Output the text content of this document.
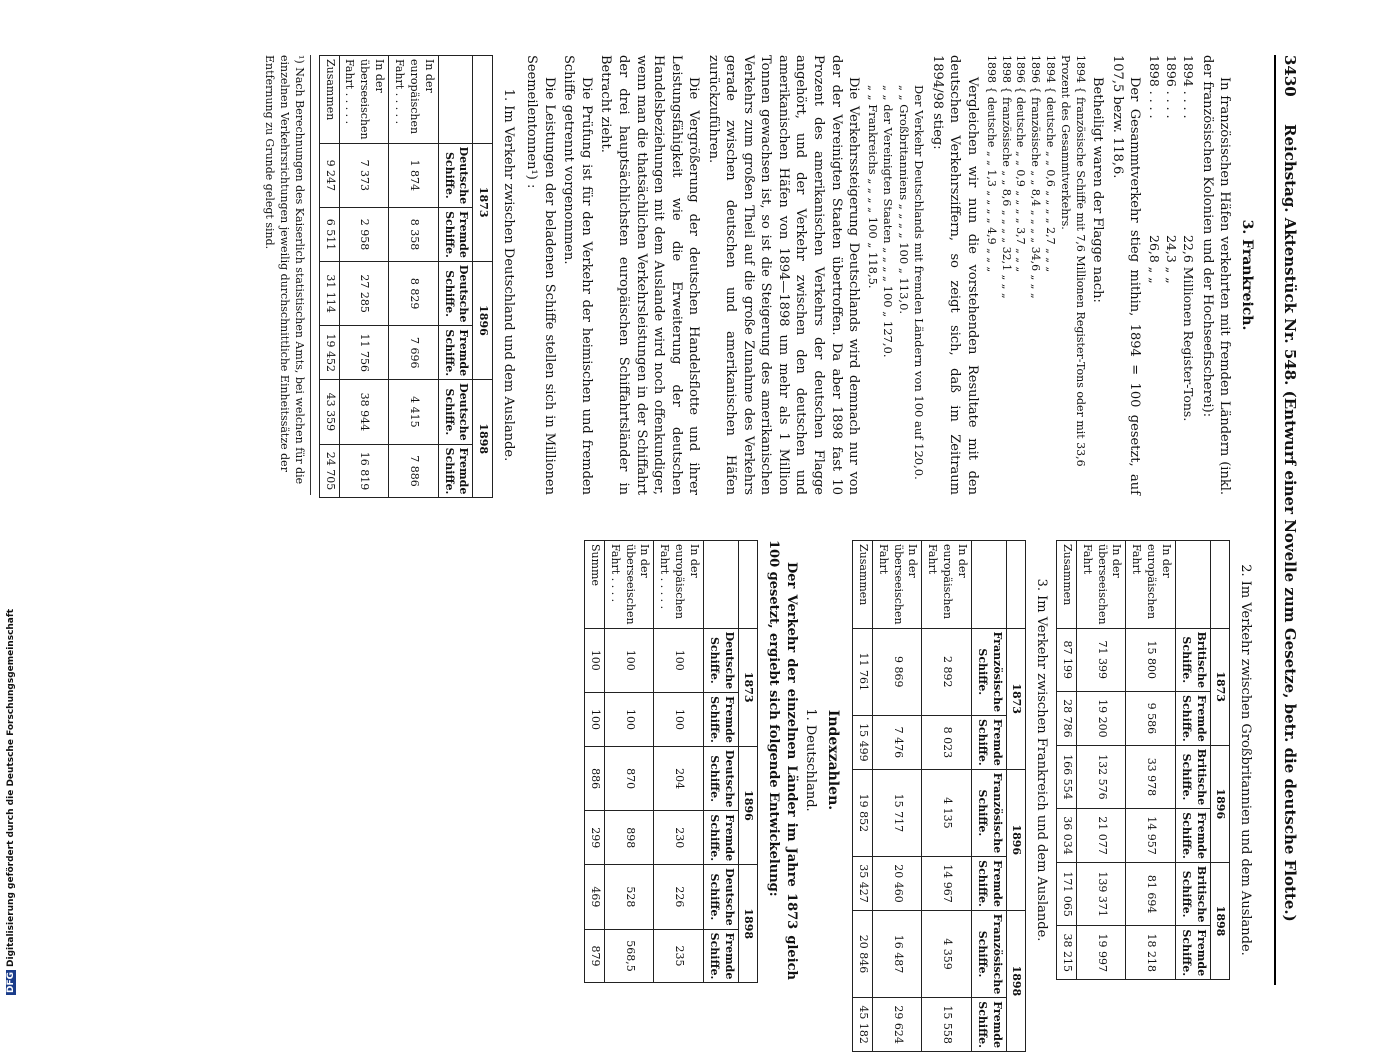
3430 Reichstag. Aktenstück Nr. 548. (Entwurf einer Novelle zum Gesetze, betr. die deutsche Flotte.)
3. Frankreich.

In französischen Häfen verkehrten mit fremden Ländern (inkl. der französischen Kolonien und der Hochseefischerei):

1894 . . . .
22,6 Millionen Register-Tons.
1896 . . . .
24,3 „ „
1898 . . . .
26,8 „ „

Der Gesammtverkehr stieg mithin, 1894 = 100 gesetzt, auf 107,5 bezw. 118,6.

Betheiligt waren der Flagge nach:

1894 { französische Schiffe mit 7,6 Millionen Register-Tons oder mit 33,6 Prozent des Gesammtverkehrs.
1894 { deutsche „ „ 0,6 „ „ „ „ 2,7 „ „ „
1896 { französische „ „ 8,4 „ „ „ „ 34,6 „ „ „
1896 { deutsche „ „ 0,9 „ „ „ „ 3,7 „ „ „
1898 { französische „ „ 8,6 „ „ „ „ 32,1 „ „ „
1898 { deutsche „ „ 1,3 „ „ „ „ 4,9 „ „ „

Vergleichen wir nun die vorstehenden Resultate mit den deutschen Verkehrsziffern, so zeigt sich, daß im Zeitraum 1894/98 stieg:

Der Verkehr Deutschlands mit fremden Ländern von 100 auf 120,0.
„ „ Großbritanniens „ „ „ „ 100 „ 113,0.
„ „ der Vereinigten Staaten „ „ „ „ 100 „ 127,0.
„ „ Frankreichs „ „ „ „ 100 „ 118,5.

Die Verkehrssteigerung Deutschlands wird demnach nur von der der Vereinigten Staaten übertroffen. Da aber 1898 fast 10 Prozent des amerikanischen Verkehrs der deutschen Flagge angehört, und der Verkehr zwischen den deutschen und amerikanischen Häfen von 1894—1898 um mehr als 1 Million Tonnen gewachsen ist, so ist die Steigerung des amerikanischen Verkehrs zum großen Theil auf die große Zunahme des Verkehrs gerade zwischen deutschen und amerikanischen Häfen zurückzuführen.

Die Vergrößerung der deutschen Handelsflotte und ihrer Leistungsfähigkeit wie die Erweiterung der deutschen Handelsbeziehungen mit dem Auslande wird noch offenkundiger, wenn man die thatsächlichen Verkehrsleistungen in der Schiffahrt der drei hauptsächlichsten europäischen Schiffahrtsländer in Betracht zieht.

Die Prüfung ist für den Verkehr der heimischen und fremden Schiffe getrennt vorgenommen.

Die Leistungen der beladenen Schiffe stellen sich in Millionen Seemeilentonnen¹) :

1. Im Verkehr zwischen Deutschland und dem Auslande.
	1873		1896		1898	
	Deutsche Schiffe.	Fremde Schiffe.	Deutsche Schiffe.	Fremde Schiffe.	Deutsche Schiffe.	Fremde Schiffe.
In der europäischen Fahrt . . . . .	1 874	8 358	8 829	7 696	4 415	7 886
In der überseeischen Fahrt . . . . .	7 373	2 958	27 285	11 756	38 944	16 819
Zusammen	9 247	6 511	31 114	19 452	43 359	24 705
¹) Nach Berechnungen des Kaiserlich statistischen Amts, bei welchen für die einzelnen Verkehrsrichtungen jeweilig durchschnittliche Einheitssätze der Entfernung zu Grunde gelegt sind.
2. Im Verkehr zwischen Großbritannien und dem Auslande.
	1873		1896		1898	
	Britische Schiffe.	Fremde Schiffe.	Britische Schiffe.	Fremde Schiffe.	Britische Schiffe.	Fremde Schiffe.
In der europäischen Fahrt	15 800	9 586	33 978	14 957	81 694	18 218
In der überseeischen Fahrt	71 399	19 200	132 576	21 077	139 371	19 997
Zusammen	87 199	28 786	166 554	36 034	171 065	38 215
3. Im Verkehr zwischen Frankreich und dem Auslande.
	1873		1896		1898	
	Französische Schiffe.	Fremde Schiffe.	Französische Schiffe.	Fremde Schiffe.	Französische Schiffe.	Fremde Schiffe.
In der europäischen Fahrt	2 892	8 023	4 135	14 967	4 359	15 558
In der überseeischen Fahrt	9 869	7 476	15 717	20 460	16 487	29 624
Zusammen	11 761	15 499	19 852	35 427	20 846	45 182
Indexzahlen.
1. Deutschland.

Der Verkehr der einzelnen Länder im Jahre 1873 gleich 100 gesetzt, ergiebt sich folgende Entwickelung:

	1873		1896		1898	
	Deutsche Schiffe.	Fremde Schiffe.	Deutsche Schiffe.	Fremde Schiffe.	Deutsche Schiffe.	Fremde Schiffe.
In der europäischen Fahrt . . . . .	100	100	204	230	226	235
In der überseeischen Fahrt . . . .	100	100	870	898	528	568,5
Summe	100	100	886	299	469	879
DFGDigitalisierung gefördert durch die Deutsche Forschungsgemeinschaft
